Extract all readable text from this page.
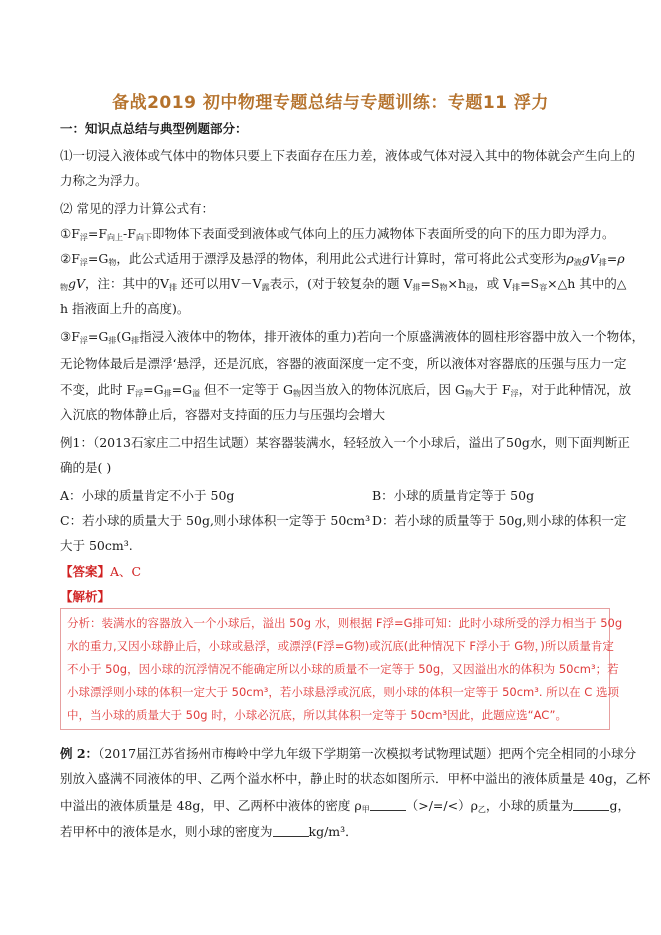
备战2019 初中物理专题总结与专题训练：专题11 浮力
一：知识点总结与典型例题部分：
⑴一切浸入液体或气体中的物体只要上下表面存在压力差，液体或气体对浸入其中的物体就会产生向上的
力称之为浮力。
⑵ 常见的浮力计算公式有：
$①F_浮=F_{向上}-F_{向下}$即物体下表面受到液体或气体向上的压力减物体下表面所受的向下的压力即为浮力。
$②F_浮=G_物$，此公式适用于漂浮及悬浮的物体，利用此公式进行计算时，常可将此公式变形为$\rho_液gV_排=\rho$
$_物$gV，注：其中的$V_排$ 还可以用$V-V_露$表示，(对于较复杂的题 $V_排=S_物\times h_浸$，或 $V_排=S_容\times\triangle h$ 其中的△
h 指液面上升的高度)。
$③F_浮=G_排(G_排$指浸入液体中的物体，排开液体的重力)若向一个原盛满液体的圆柱形容器中放入一个物体，
无论物体最后是漂浮‘悬浮，还是沉底，容器的液面深度一定不变，所以液体对容器底的压强与压力一定
不变，此时 $F_浮=G_排=G_溢$ 但不一定等于 $G_物$因当放入的物体沉底后，因 $G_物$大于 $F_浮$，对于此种情况，放
入沉底的物体静止后，容器对支持面的压力与压强均会增大
例1：（2013石家庄二中招生试题）某容器装满水，轻轻放入一个小球后，溢出了50g水，则下面判断正
确的是( )
A：小球的质量肯定不小于 50g	B：小球的质量肯定等于 50g
C：若小球的质量大于 50g,则小球体积一定等于 50cm³ D：若小球的质量等于 50g,则小球的体积一定
大于 50cm³.
【答案】A、C
【解析】
分析：装满水的容器放入一个小球后，溢出 50g 水，则根据 F浮=G排可知：此时小球所受的浮力相当于 50g
水的重力,又因小球静止后，小球或悬浮，或漂浮(F浮=G物)或沉底(此种情况下 F浮小于 G物，)所以质量肯定
不小于 50g，因小球的沉浮情况不能确定所以小球的质量不一定等于 50g，又因溢出水的体积为 50cm³；若
小球漂浮则小球的体积一定大于 50cm³，若小球悬浮或沉底，则小球的体积一定等于 50cm³. 所以在 C 选项
中，当小球的质量大于 50g 时，小球必沉底，所以其体积一定等于 50cm³因此，此题应选“AC”。
例 2：（2017届江苏省扬州市梅岭中学九年级下学期第一次模拟考试物理试题）把两个完全相同的小球分
别放入盛满不同液体的甲、乙两个溢水杯中，静止时的状态如图所示．甲杯中溢出的液体质量是 40g，乙杯
中溢出的液体质量是 48g，甲、乙两杯中液体的密度 $\rho_甲$	$(>/=/<)\rho_乙$，小球的质量为	g，
若甲杯中的液体是水，则小球的密度为	kg/m³．
